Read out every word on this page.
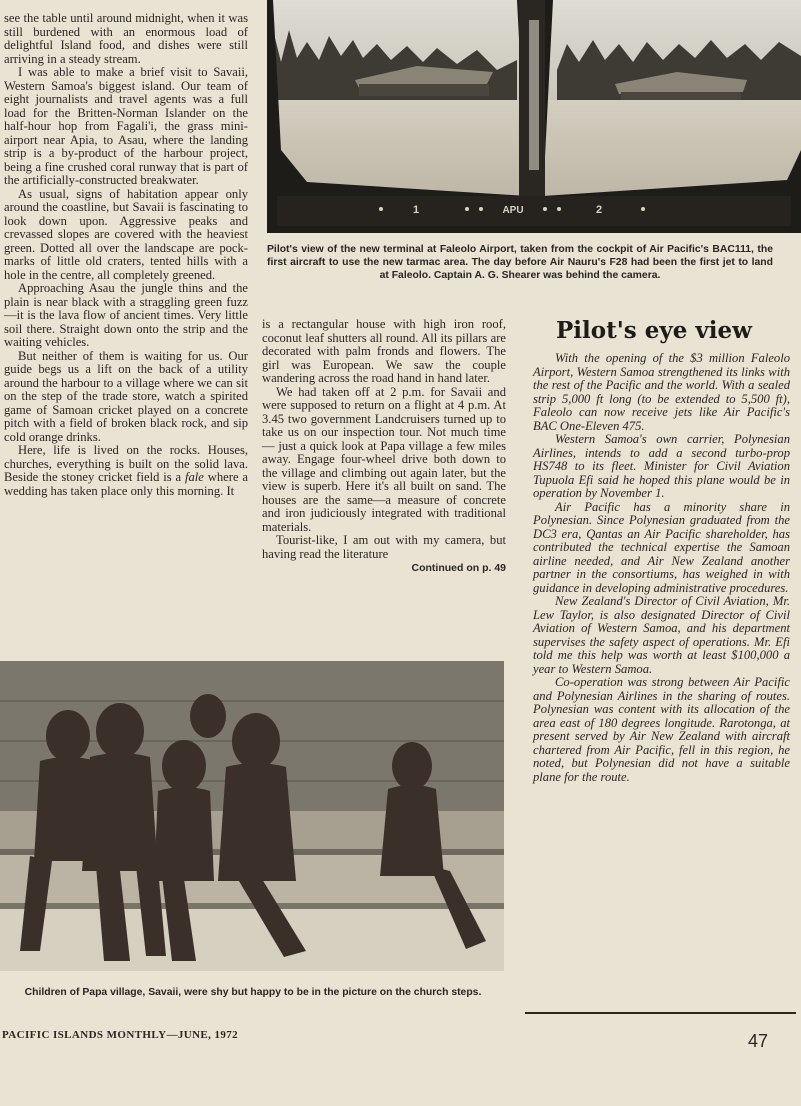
see the table until around midnight, when it was still burdened with an enormous load of delightful Island food, and dishes were still arriving in a steady stream.

I was able to make a brief visit to Savaii, Western Samoa's biggest island. Our team of eight journalists and travel agents was a full load for the Britten-Norman Islander on the half-hour hop from Fagali'i, the grass mini-airport near Apia, to Asau, where the landing strip is a by-product of the harbour project, being a fine crushed coral runway that is part of the artificially-constructed breakwater.

As usual, signs of habitation appear only around the coastline, but Savaii is fascinating to look down upon. Aggressive peaks and crevassed slopes are covered with the heaviest green. Dotted all over the landscape are pock-marks of little old craters, tented hills with a hole in the centre, all completely greened.

Approaching Asau the jungle thins and the plain is near black with a straggling green fuzz—it is the lava flow of ancient times. Very little soil there. Straight down onto the strip and the waiting vehicles.

But neither of them is waiting for us. Our guide begs us a lift on the back of a utility around the harbour to a village where we can sit on the step of the trade store, watch a spirited game of Samoan cricket played on a concrete pitch with a field of broken black rock, and sip cold orange drinks.

Here, life is lived on the rocks. Houses, churches, everything is built on the solid lava. Beside the stoney cricket field is a fale where a wedding has taken place only this morning. It

1	APU	2
Pilot's view of the new terminal at Faleolo Airport, taken from the cockpit of Air Pacific's BAC111, the first aircraft to use the new tarmac area. The day before Air Nauru's F28 had been the first jet to land at Faleolo. Captain A. G. Shearer was behind the camera.

is a rectangular house with high iron roof, coconut leaf shutters all round. All its pillars are decorated with palm fronds and flowers. The girl was European. We saw the couple wandering across the road hand in hand later.

We had taken off at 2 p.m. for Savaii and were supposed to return on a flight at 4 p.m. At 3.45 two government Landcruisers turned up to take us on our inspection tour. Not much time — just a quick look at Papa village a few miles away. Engage four-wheel drive both down to the village and climbing out again later, but the view is superb. Here it's all built on sand. The houses are the same—a measure of concrete and iron judiciously integrated with traditional materials.

Tourist-like, I am out with my camera, but having read the literature

Continued on p. 49
Pilot's eye view

With the opening of the $3 million Faleolo Airport, Western Samoa strengthened its links with the rest of the Pacific and the world. With a sealed strip 5,000 ft long (to be extended to 5,500 ft), Faleolo can now receive jets like Air Pacific's BAC One-Eleven 475.

Western Samoa's own carrier, Polynesian Airlines, intends to add a second turbo-prop HS748 to its fleet. Minister for Civil Aviation Tupuola Efi said he hoped this plane would be in operation by November 1.

Air Pacific has a minority share in Polynesian. Since Polynesian graduated from the DC3 era, Qantas an Air Pacific shareholder, has contributed the technical expertise the Samoan airline needed, and Air New Zealand another partner in the consortiums, has weighed in with guidance in developing administrative procedures.

New Zealand's Director of Civil Aviation, Mr. Lew Taylor, is also designated Director of Civil Aviation of Western Samoa, and his department supervises the safety aspect of operations. Mr. Efi told me this help was worth at least $100,000 a year to Western Samoa.

Co-operation was strong between Air Pacific and Polynesian Airlines in the sharing of routes. Polynesian was content with its allocation of the area east of 180 degrees longitude. Rarotonga, at present served by Air New Zealand with aircraft chartered from Air Pacific, fell in this region, he noted, but Polynesian did not have a suitable plane for the route.

Children of Papa village, Savaii, were shy but happy to be in the picture on the church steps.
PACIFIC ISLANDS MONTHLY—JUNE, 1972	47
